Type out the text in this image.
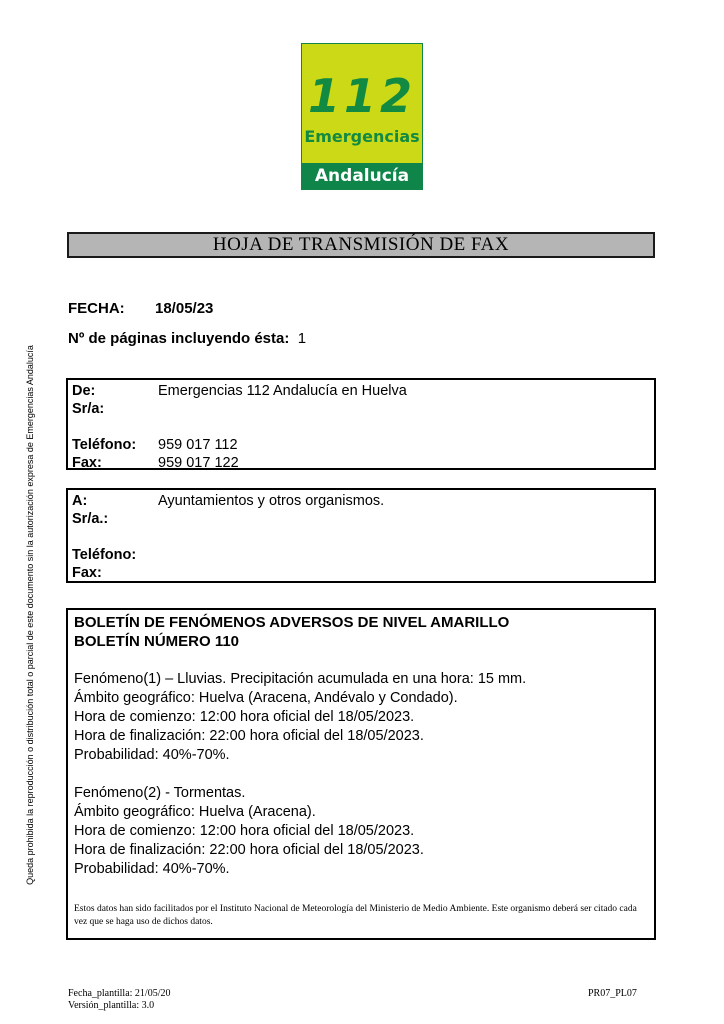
112
Emergencias
Andalucía
HOJA DE TRANSMISIÓN DE FAX
FECHA:	18/05/23
Nº de páginas incluyendo ésta: 1
De:	Emergencias 112 Andalucía en Huelva
Sr/a:
Teléfono:	959 017 112
Fax:	959 017 122
A:	Ayuntamientos y otros organismos.
Sr/a.:
Teléfono:
Fax:
BOLETÍN DE FENÓMENOS ADVERSOS DE NIVEL AMARILLO
BOLETÍN NÚMERO 110
Fenómeno(1) – Lluvias. Precipitación acumulada en una hora: 15 mm.
Ámbito geográfico: Huelva (Aracena, Andévalo y Condado).
Hora de comienzo: 12:00 hora oficial del 18/05/2023.
Hora de finalización: 22:00 hora oficial del 18/05/2023.
Probabilidad: 40%-70%.
Fenómeno(2) - Tormentas.
Ámbito geográfico: Huelva (Aracena).
Hora de comienzo: 12:00 hora oficial del 18/05/2023.
Hora de finalización: 22:00 hora oficial del 18/05/2023.
Probabilidad: 40%-70%.
Estos datos han sido facilitados por el Instituto Nacional de Meteorología del Ministerio de Medio Ambiente. Este organismo deberá ser citado cada vez que se haga uso de dichos datos.
Fecha_plantilla: 21/05/20
Versión_plantilla: 3.0
PR07_PL07
Queda prohibida la reproducción o distribución total o parcial de este documento sin la autorización expresa de Emergencias Andalucía
